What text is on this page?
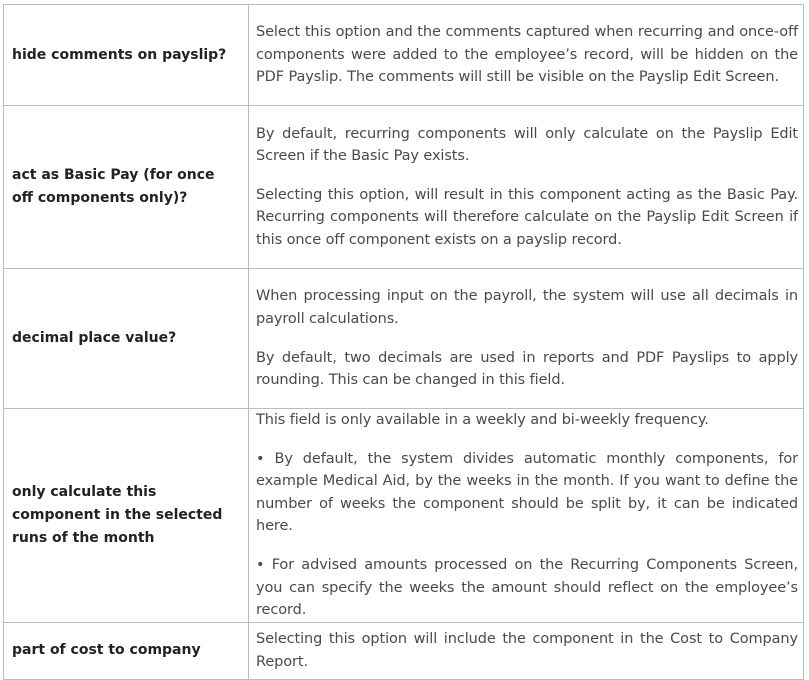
hide comments on payslip?	Select this option and the comments captured when recurring and once-off components were added to the employee’s record, will be hidden on the PDF Payslip. The comments will still be visible on the Payslip Edit Screen.

act as Basic Pay (for once off components only)?	By default, recurring components will only calculate on the Payslip Edit Screen if the Basic Pay exists.

Selecting this option, will result in this component acting as the Basic Pay. Recurring components will therefore calculate on the Payslip Edit Screen if this once off component exists on a payslip record.

decimal place value?	When processing input on the payroll, the system will use all decimals in payroll calculations.

By default, two decimals are used in reports and PDF Payslips to apply rounding. This can be changed in this field.

only calculate this component in the selected runs of the month	This field is only available in a weekly and bi-weekly frequency.

• By default, the system divides automatic monthly components, for example Medical Aid, by the weeks in the month. If you want to define the number of weeks the component should be split by, it can be indicated here.

• For advised amounts processed on the Recurring Components Screen, you can specify the weeks the amount should reflect on the employee’s record.

part of cost to company	Selecting this option will include the component in the Cost to Company Report.
